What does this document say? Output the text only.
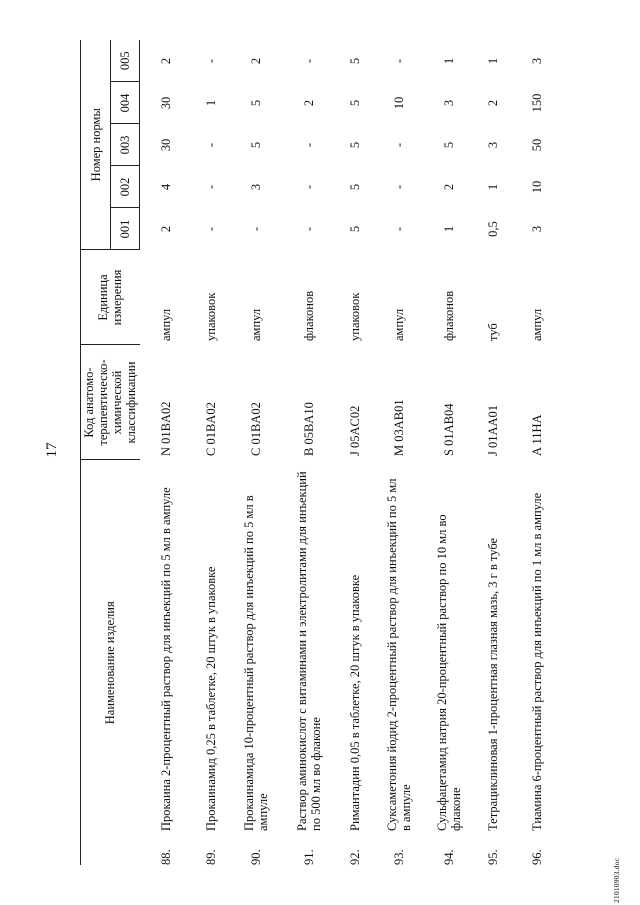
17
Наименование изделия		Код анатомо-терапевтическо-химической классификации	Единица измерения	Номер нормы				
				001	002	003	004	005
88.	Прокаина 2-процентный раствор для инъекций по 5 мл в ампуле	N 01BA02	ампул	2	4	30	30	2
89.	Прокаинамид 0,25 в таблетке, 20 штук в упаковке	C 01BA02	упаковок	-	-	-	1	-
90.	Прокаинамида 10-процентный раствор для инъекций по 5 мл в ампуле	C 01BA02	ампул	-	3	5	5	2
91.	Раствор аминокислот с витаминами и электролитами для инъекций по 500 мл во флаконе	B 05BA10	флаконов	-	-	-	2	-
92.	Римантадин 0,05 в таблетке, 20 штук в упаковке	J 05AC02	упаковок	5	5	5	5	5
93.	Суксаметония йодид 2-процентный раствор для инъекций по 5 мл в ампуле	M 03AB01	ампул	-	-	-	10	-
94.	Сульфацетамид натрия 20-процентный раствор по 10 мл во флаконе	S 01AB04	флаконов	1	2	5	3	1
95.	Тетрациклиновая 1-процентная глазная мазь, 3 г в тубе	J 01AA01	туб	0,5	1	3	2	1
96.	Тиамина 6-процентный раствор для инъекций по 1 мл в ампуле	A 11HA	ампул	3	10	50	150	3
21010903.doc
